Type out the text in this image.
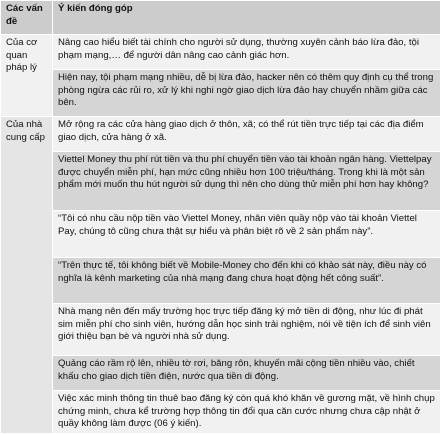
Các vấn đề	Ý kiến đóng góp
Của cơ quan pháp lý	Nâng cao hiểu biết tài chính cho người sử dụng, thường xuyên cảnh báo lừa đảo, tội phạm mạng,… để người dân nâng cao cảnh giác hơn.
	Hiện nay, tội phạm mạng nhiều, dễ bị lừa đảo, hacker nên có thêm quy định cụ thể trong phòng ngừa các rủi ro, xử lý khi nghi ngờ giao dịch lừa đảo hay chuyển nhầm giữa các bên.
Của nhà cung cấp	Mở rộng ra các cửa hàng giao dịch ở thôn, xã; có thể rút tiền trực tiếp tại các địa điểm giao dịch, cửa hàng ở xã.
	Viettel Money thu phí rút tiền và thu phí chuyển tiền vào tài khoản ngân hàng. Viettelpay được chuyển miễn phí, hạn mức cũng nhiều hơn 100 triệu/tháng. Trong khi là một sản phẩm mới muốn thu hút người sử dụng thì nên cho dùng thử miễn phí hơn hay không?
	“Tôi có nhu cầu nộp tiền vào Viettel Money, nhân viên quầy nộp vào tài khoản Viettel Pay, chúng tô cũng chưa thật sự hiểu và phân biệt rõ về 2 sản phẩm này”.
	“Trên thực tế, tôi không biết về Mobile-Money cho đến khi có khảo sát này, điều này có nghĩa là kênh marketing của nhà mạng đang chưa hoạt động hết công suất”.
	Nhà mạng nên đến mấy trường học trực tiếp đăng ký mở tiền di động, như lúc đi phát sim miễn phí cho sinh viên, hướng dẫn học sinh trải nghiệm, nói về tiện ích để sinh viên giới thiệu bạn bè và người nhà sử dụng.
	Quảng cáo rầm rộ lên, nhiều tờ rơi, băng rôn, khuyến mãi cộng tiền nhiều vào, chiết khấu cho giao dịch tiền điện, nước qua tiền di động.
	Việc xác minh thông tin thuê bao đăng ký còn quá khó khăn về gương mặt, về hình chụp chứng minh, chưa kể trường hợp thông tin đổi qua căn cước nhưng chưa cập nhật ở quầy không làm được (06 ý kiến).
